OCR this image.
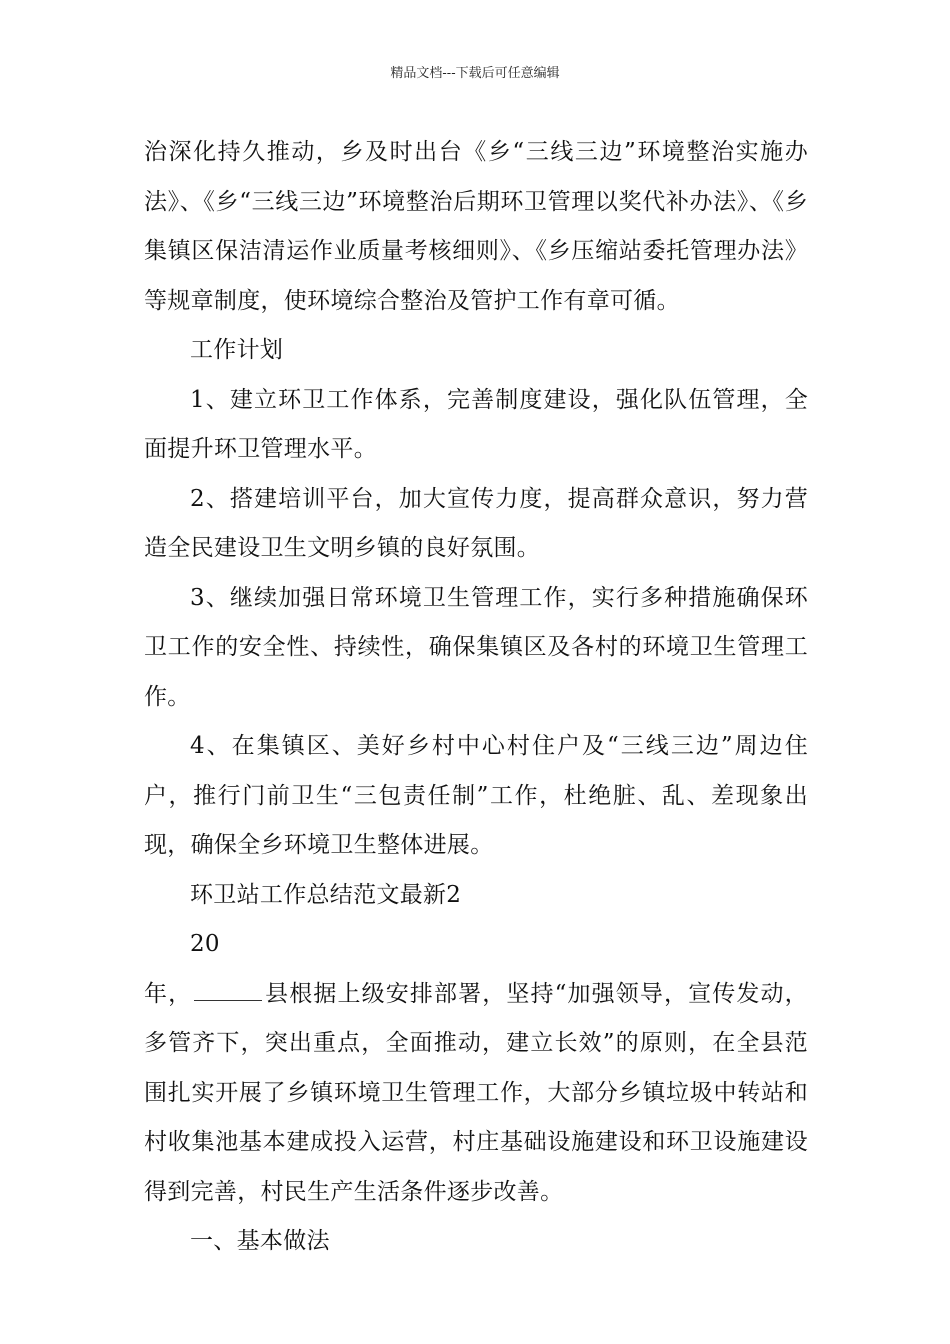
精品文档---下载后可任意编辑

治深化持久推动，乡及时出台《乡“三线三边”环境整治实施办法》、《乡“三线三边”环境整治后期环卫管理以奖代补办法》、《乡集镇区保洁清运作业质量考核细则》、《乡压缩站委托管理办法》等规章制度，使环境综合整治及管护工作有章可循。

工作计划

1、建立环卫工作体系，完善制度建设，强化队伍管理，全面提升环卫管理水平。

2、搭建培训平台，加大宣传力度，提高群众意识，努力营造全民建设卫生文明乡镇的良好氛围。

3、继续加强日常环境卫生管理工作，实行多种措施确保环卫工作的安全性、持续性，确保集镇区及各村的环境卫生管理工作。

4、在集镇区、美好乡村中心村住户及“三线三边”周边住户，推行门前卫生“三包责任制”工作，杜绝脏、乱、差现象出现，确保全乡环境卫生整体进展。

环卫站工作总结范文最新2

20

年，	县根据上级安排部署，坚持“加强领导，宣传发动，多管齐下，突出重点，全面推动，建立长效”的原则，在全县范围扎实开展了乡镇环境卫生管理工作，大部分乡镇垃圾中转站和村收集池基本建成投入运营，村庄基础设施建设和环卫设施建设得到完善，村民生产生活条件逐步改善。

一、基本做法
